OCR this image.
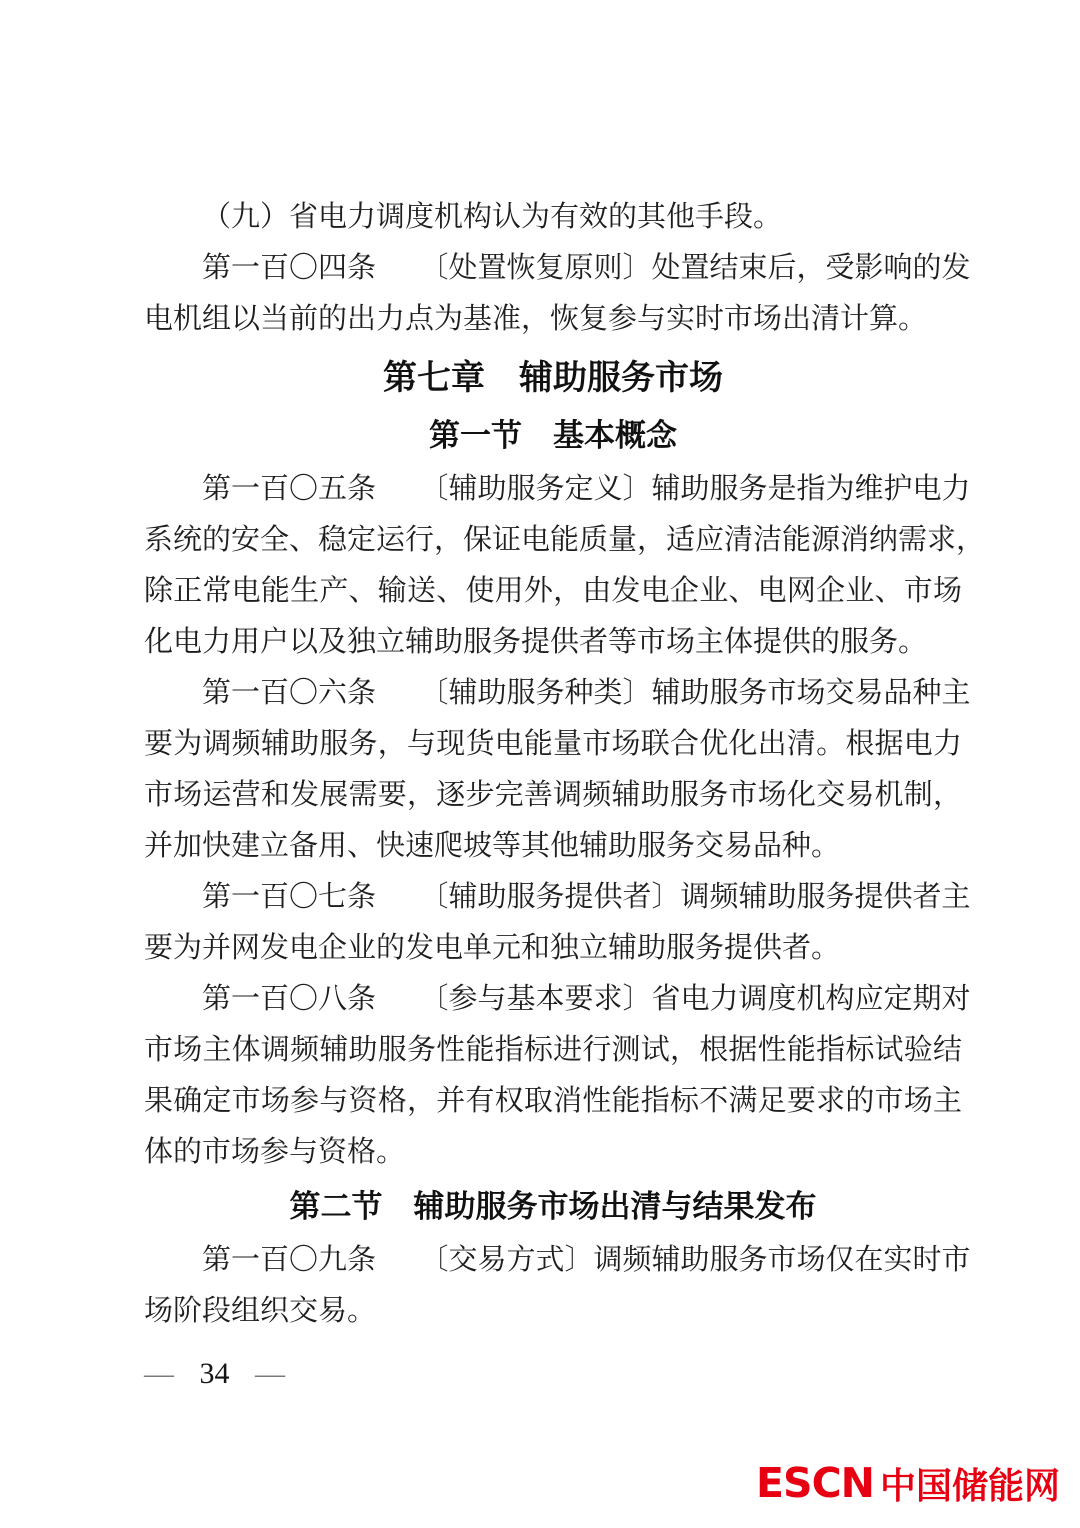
（九）省电力调度机构认为有效的其他手段。
第一百〇四条　　〔处置恢复原则〕处置结束后，受影响的发
电机组以当前的出力点为基准，恢复参与实时市场出清计算。
第七章　辅助服务市场
第一节　基本概念
第一百〇五条　　〔辅助服务定义〕辅助服务是指为维护电力
系统的安全、稳定运行，保证电能质量，适应清洁能源消纳需求，
除正常电能生产、输送、使用外，由发电企业、电网企业、市场
化电力用户以及独立辅助服务提供者等市场主体提供的服务。
第一百〇六条　　〔辅助服务种类〕辅助服务市场交易品种主
要为调频辅助服务，与现货电能量市场联合优化出清。根据电力
市场运营和发展需要，逐步完善调频辅助服务市场化交易机制，
并加快建立备用、快速爬坡等其他辅助服务交易品种。
第一百〇七条　　〔辅助服务提供者〕调频辅助服务提供者主
要为并网发电企业的发电单元和独立辅助服务提供者。
第一百〇八条　　〔参与基本要求〕省电力调度机构应定期对
市场主体调频辅助服务性能指标进行测试，根据性能指标试验结
果确定市场参与资格，并有权取消性能指标不满足要求的市场主
体的市场参与资格。
第二节　辅助服务市场出清与结果发布
第一百〇九条　　〔交易方式〕调频辅助服务市场仅在实时市
场阶段组织交易。
— 34 —
ESCN 中国储能网
